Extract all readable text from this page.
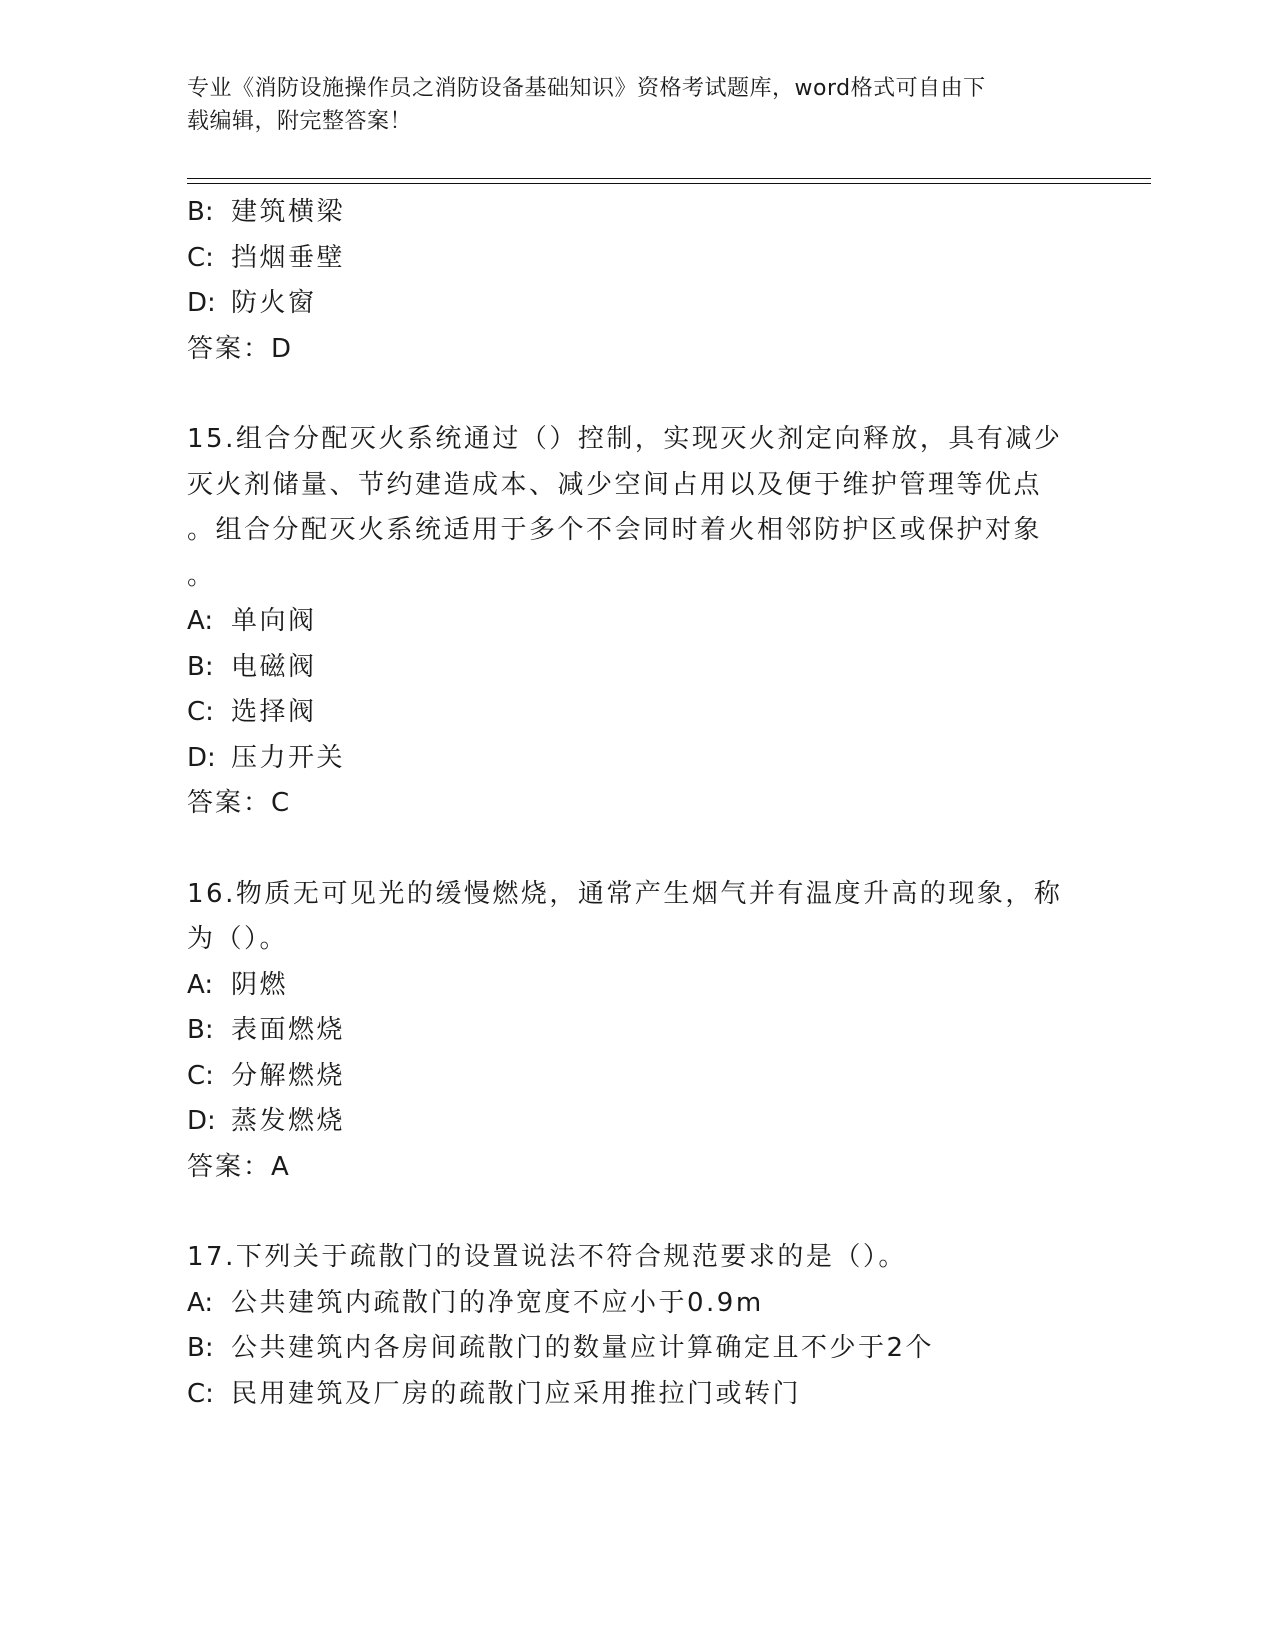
专业《消防设施操作员之消防设备基础知识》资格考试题库，word格式可自由下
载编辑，附完整答案！
B: 建筑横梁
C: 挡烟垂壁
D: 防火窗
答案：D
15.组合分配灭火系统通过（）控制，实现灭火剂定向释放，具有减少
灭火剂储量、节约建造成本、减少空间占用以及便于维护管理等优点
。组合分配灭火系统适用于多个不会同时着火相邻防护区或保护对象
。
A: 单向阀
B: 电磁阀
C: 选择阀
D: 压力开关
答案：C
16.物质无可见光的缓慢燃烧，通常产生烟气并有温度升高的现象，称
为（）。
A: 阴燃
B: 表面燃烧
C: 分解燃烧
D: 蒸发燃烧
答案：A
17.下列关于疏散门的设置说法不符合规范要求的是（）。
A: 公共建筑内疏散门的净宽度不应小于0.9m
B: 公共建筑内各房间疏散门的数量应计算确定且不少于2个
C: 民用建筑及厂房的疏散门应采用推拉门或转门
